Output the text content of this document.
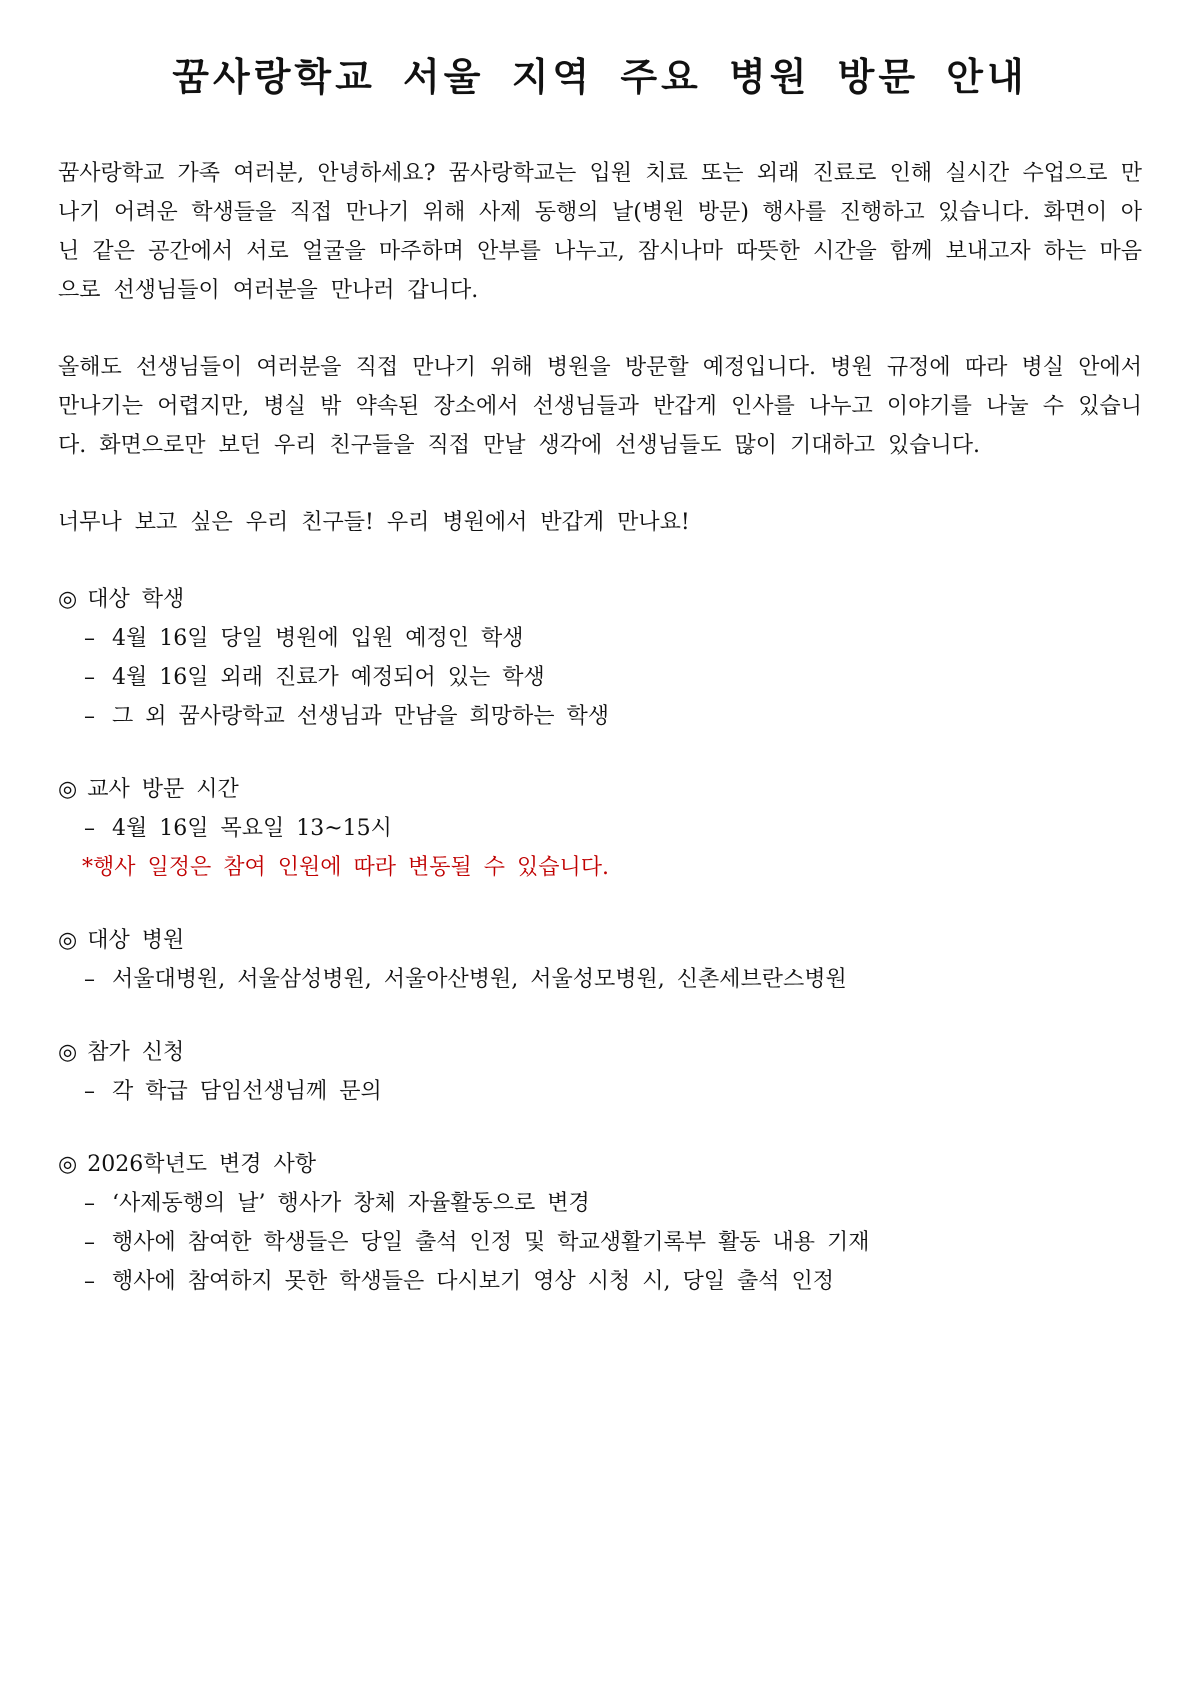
꿈사랑학교 서울 지역 주요 병원 방문 안내

꿈사랑학교 가족 여러분, 안녕하세요? 꿈사랑학교는 입원 치료 또는 외래 진료로 인해 실시간 수업으로 만나기 어려운 학생들을 직접 만나기 위해 사제 동행의 날(병원 방문) 행사를 진행하고 있습니다. 화면이 아닌 같은 공간에서 서로 얼굴을 마주하며 안부를 나누고, 잠시나마 따뜻한 시간을 함께 보내고자 하는 마음으로 선생님들이 여러분을 만나러 갑니다.

올해도 선생님들이 여러분을 직접 만나기 위해 병원을 방문할 예정입니다. 병원 규정에 따라 병실 안에서 만나기는 어렵지만, 병실 밖 약속된 장소에서 선생님들과 반갑게 인사를 나누고 이야기를 나눌 수 있습니다. 화면으로만 보던 우리 친구들을 직접 만날 생각에 선생님들도 많이 기대하고 있습니다.

너무나 보고 싶은 우리 친구들! 우리 병원에서 반갑게 만나요!

◎ 대상 학생
– 4월 16일 당일 병원에 입원 예정인 학생
– 4월 16일 외래 진료가 예정되어 있는 학생
– 그 외 꿈사랑학교 선생님과 만남을 희망하는 학생
◎ 교사 방문 시간
– 4월 16일 목요일 13~15시
*행사 일정은 참여 인원에 따라 변동될 수 있습니다.
◎ 대상 병원
– 서울대병원, 서울삼성병원, 서울아산병원, 서울성모병원, 신촌세브란스병원
◎ 참가 신청
– 각 학급 담임선생님께 문의
◎ 2026학년도 변경 사항
– ‘사제동행의 날’ 행사가 창체 자율활동으로 변경
– 행사에 참여한 학생들은 당일 출석 인정 및 학교생활기록부 활동 내용 기재
– 행사에 참여하지 못한 학생들은 다시보기 영상 시청 시, 당일 출석 인정
